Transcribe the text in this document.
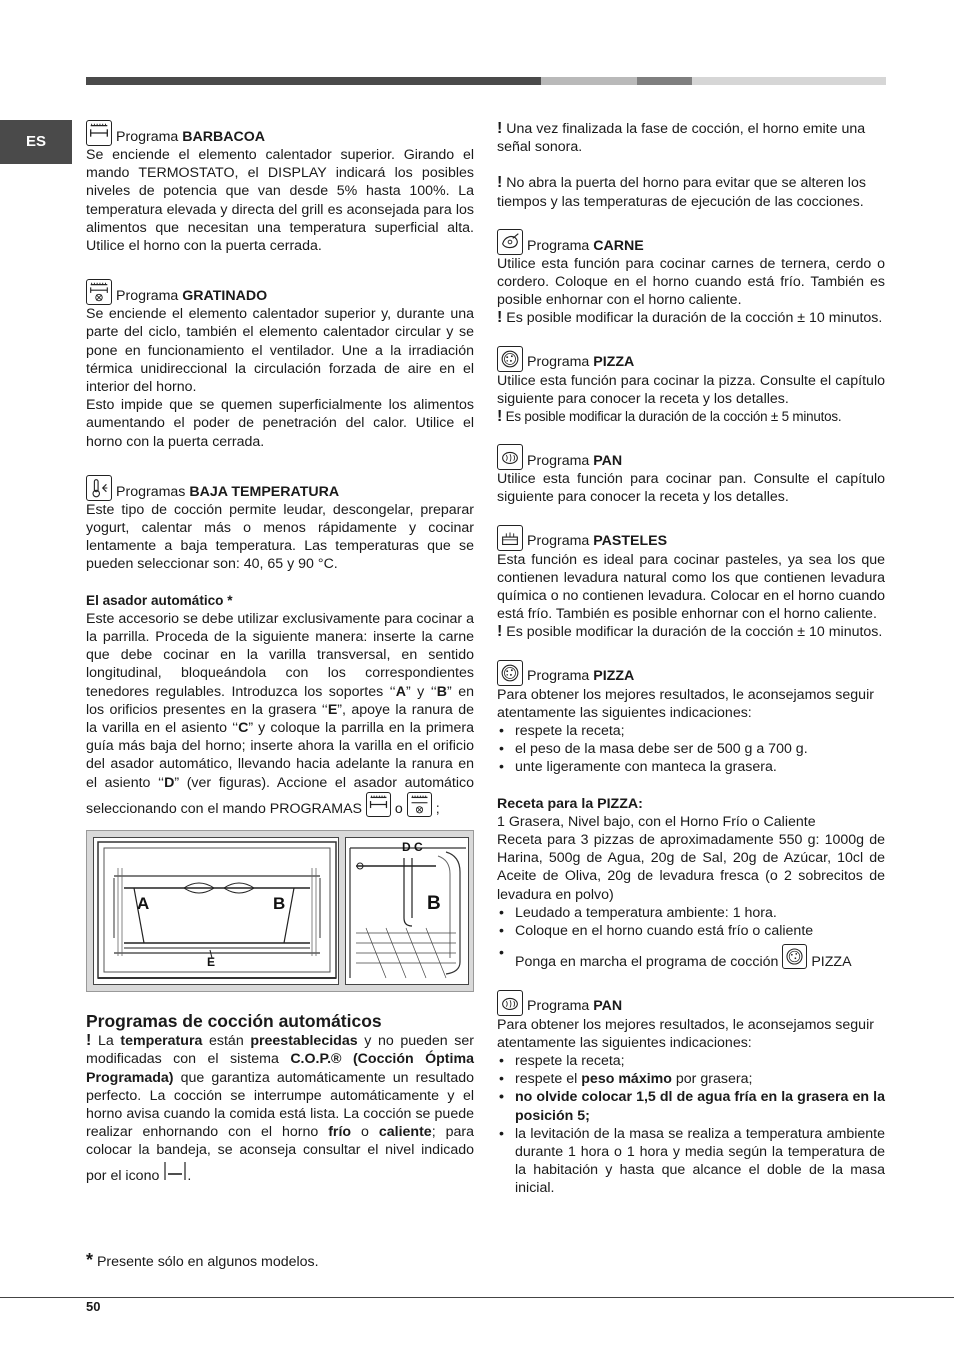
ES	Programa BARBACOA

Se enciende el elemento calentador superior. Girando el mando TERMOSTATO, el DISPLAY indicará los posibles niveles de potencia que van desde 5% hasta 100%. La temperatura elevada y directa del grill es aconsejada para los alimentos que necesitan una temperatura superficial alta. Utilice el horno con la puerta cerrada.

Programa GRATINADO

Se enciende el elemento calentador superior y, durante una parte del ciclo, también el elemento calentador circular y se pone en funcionamiento el ventilador. Une a la irradiación térmica unidireccional la circulación forzada de aire en el interior del horno.

Esto impide que se quemen superficialmente los alimentos aumentando el poder de penetración del calor. Utilice el horno con la puerta cerrada.

Programas BAJA TEMPERATURA

Este tipo de cocción permite leudar, descongelar, preparar yogurt, calentar más o menos rápidamente y cocinar lentamente a baja temperatura. Las temperaturas que se pueden seleccionar son: 40, 65 y 90 °C.

El asador automático *

Este accesorio se debe utilizar exclusivamente para cocinar a la parrilla. Proceda de la siguiente manera: inserte la carne que debe cocinar en la varilla transversal, en sentido longitudinal, bloqueándola con los correspondientes tenedores regulables. Introduzca los soportes ‘‘A” y ‘‘B” en los orificios presentes en la grasera ‘‘E”, apoye la ranura de la varilla en el asiento ‘‘C” y coloque la parrilla en la primera guía más baja del horno; inserte ahora la varilla en el orificio del asador automático, llevando hacia adelante la ranura en el asiento ‘‘D” (ver figuras). Accione el asador automático seleccionando con el mando PROGRAMAS o ;

A	B
E
D C
B

Programas de cocción automáticos

! La temperatura están preestablecidas y no pueden ser modificadas con el sistema C.O.P.® (Cocción Óptima Programada) que garantiza automáticamente un resultado perfecto. La cocción se interrumpe automáticamente y el horno avisa cuando la comida está lista. La cocción se puede realizar enhornando con el horno frío o caliente; para colocar la bandeja, se aconseja consultar el nivel indicado por el icono .

* Presente sólo en algunos modelos.

! Una vez finalizada la fase de cocción, el horno emite una señal sonora.

! No abra la puerta del horno para evitar que se alteren los tiempos y las temperaturas de ejecución de las cocciones.

Programa CARNE

Utilice esta función para cocinar carnes de ternera, cerdo o cordero. Coloque en el horno cuando está frío. También es posible enhornar con el horno caliente.

! Es posible modificar la duración de la cocción ± 10 minutos.

Programa PIZZA

Utilice esta función para cocinar la pizza. Consulte el capítulo siguiente para conocer la receta y los detalles.

! Es posible modificar la duración de la cocción ± 5 minutos.

Programa PAN

Utilice esta función para cocinar pan. Consulte el capítulo siguiente para conocer la receta y los detalles.

Programa PASTELES

Esta función es ideal para cocinar pasteles, ya sea los que contienen levadura natural como los que contienen levadura química o no contienen levadura. Colocar en el horno cuando está frío. También es posible enhornar con el horno caliente.

! Es posible modificar la duración de la cocción ± 10 minutos.

Programa PIZZA

Para obtener los mejores resultados, le aconsejamos seguir atentamente las siguientes indicaciones:

• respete la receta;
• el peso de la masa debe ser de 500 g a 700 g.
• unte ligeramente con manteca la grasera.

Receta para la PIZZA:

1 Grasera, Nivel bajo, con el Horno Frío o Caliente

Receta para 3 pizzas de aproximadamente 550 g: 1000g de Harina, 500g de Agua, 20g de Sal, 20g de Azúcar, 10cl de Aceite de Oliva, 20g de levadura fresca (o 2 sobrecitos de levadura en polvo)

• Leudado a temperatura ambiente: 1 hora.
• Coloque en el horno cuando está frío o caliente
• Ponga en marcha el programa de cocción PIZZA
Programa PAN

Para obtener los mejores resultados, le aconsejamos seguir atentamente las siguientes indicaciones:

• respete la receta;
• respete el peso máximo por grasera;
• no olvide colocar 1,5 dl de agua fría en la grasera en la posición 5;
• la levitación de la masa se realiza a temperatura ambiente durante 1 hora o 1 hora y media según la temperatura de la habitación y hasta que alcance el doble de la masa inicial.
50
